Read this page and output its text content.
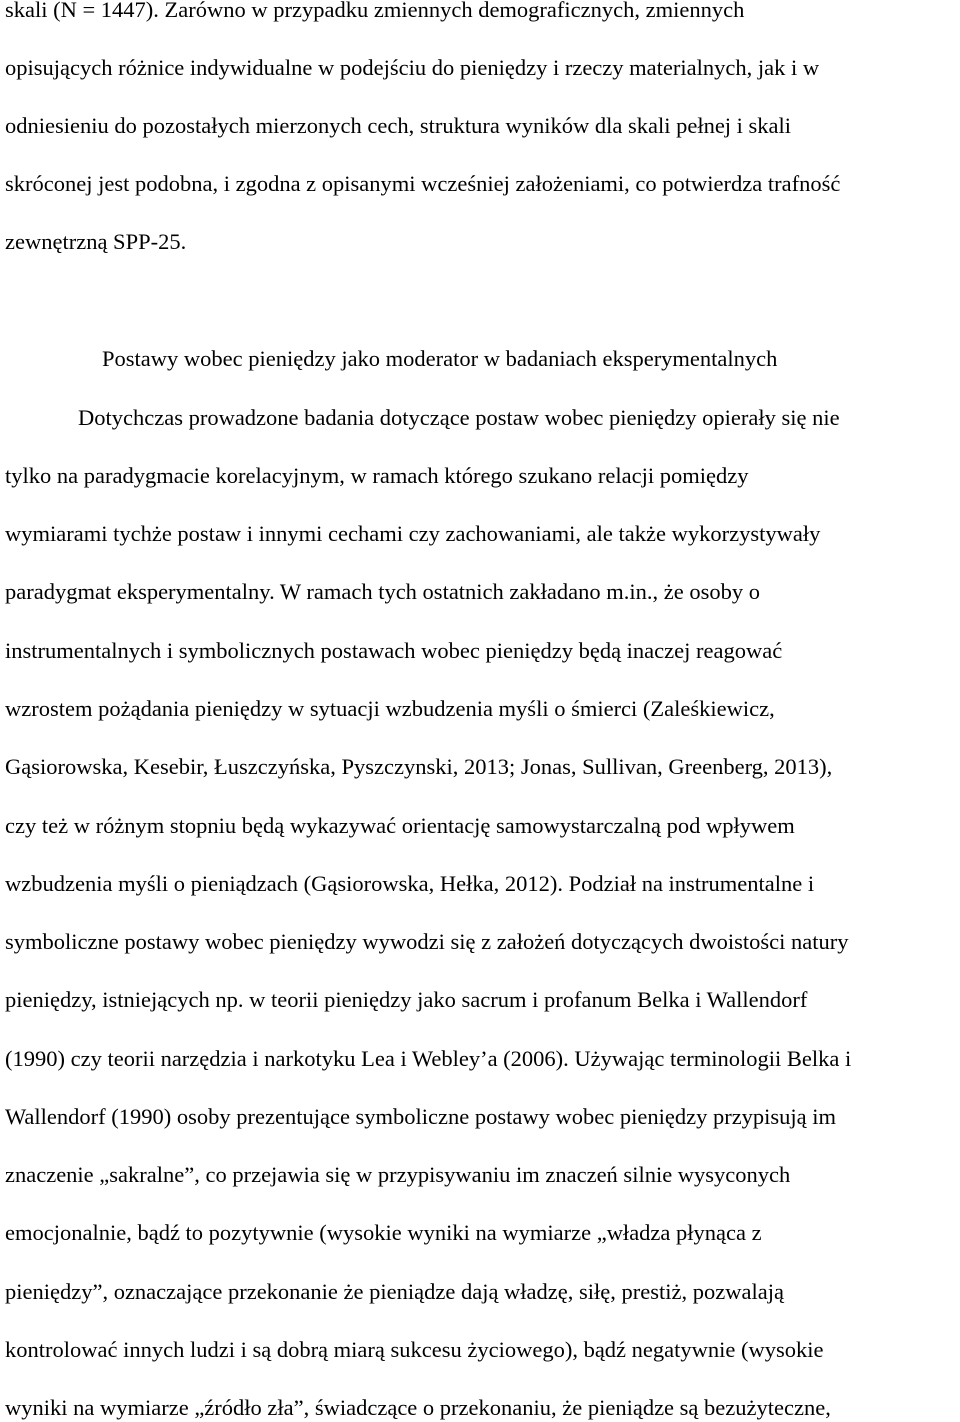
skali (N = 1447). Zarówno w przypadku zmiennych demograficznych, zmiennych
opisujących różnice indywidualne w podejściu do pieniędzy i rzeczy materialnych, jak i w
odniesieniu do pozostałych mierzonych cech, struktura wyników dla skali pełnej i skali
skróconej jest podobna, i zgodna z opisanymi wcześniej założeniami, co potwierdza trafność
zewnętrzną SPP-25.
Postawy wobec pieniędzy jako moderator w badaniach eksperymentalnych
Dotychczas prowadzone badania dotyczące postaw wobec pieniędzy opierały się nie
tylko na paradygmacie korelacyjnym, w ramach którego szukano relacji pomiędzy
wymiarami tychże postaw i innymi cechami czy zachowaniami, ale także wykorzystywały
paradygmat eksperymentalny. W ramach tych ostatnich zakładano m.in., że osoby o
instrumentalnych i symbolicznych postawach wobec pieniędzy będą inaczej reagować
wzrostem pożądania pieniędzy w sytuacji wzbudzenia myśli o śmierci (Zaleśkiewicz,
Gąsiorowska, Kesebir, Łuszczyńska, Pyszczynski, 2013; Jonas, Sullivan, Greenberg, 2013),
czy też w różnym stopniu będą wykazywać orientację samowystarczalną pod wpływem
wzbudzenia myśli o pieniądzach (Gąsiorowska, Hełka, 2012). Podział na instrumentalne i
symboliczne postawy wobec pieniędzy wywodzi się z założeń dotyczących dwoistości natury
pieniędzy, istniejących np. w teorii pieniędzy jako sacrum i profanum Belka i Wallendorf
(1990) czy teorii narzędzia i narkotyku Lea i Webley’a (2006). Używając terminologii Belka i
Wallendorf (1990) osoby prezentujące symboliczne postawy wobec pieniędzy przypisują im
znaczenie „sakralne”, co przejawia się w przypisywaniu im znaczeń silnie wysyconych
emocjonalnie, bądź to pozytywnie (wysokie wyniki na wymiarze „władza płynąca z
pieniędzy”, oznaczające przekonanie że pieniądze dają władzę, siłę, prestiż, pozwalają
kontrolować innych ludzi i są dobrą miarą sukcesu życiowego), bądź negatywnie (wysokie
wyniki na wymiarze „źródło zła”, świadczące o przekonaniu, że pieniądze są bezużyteczne,
